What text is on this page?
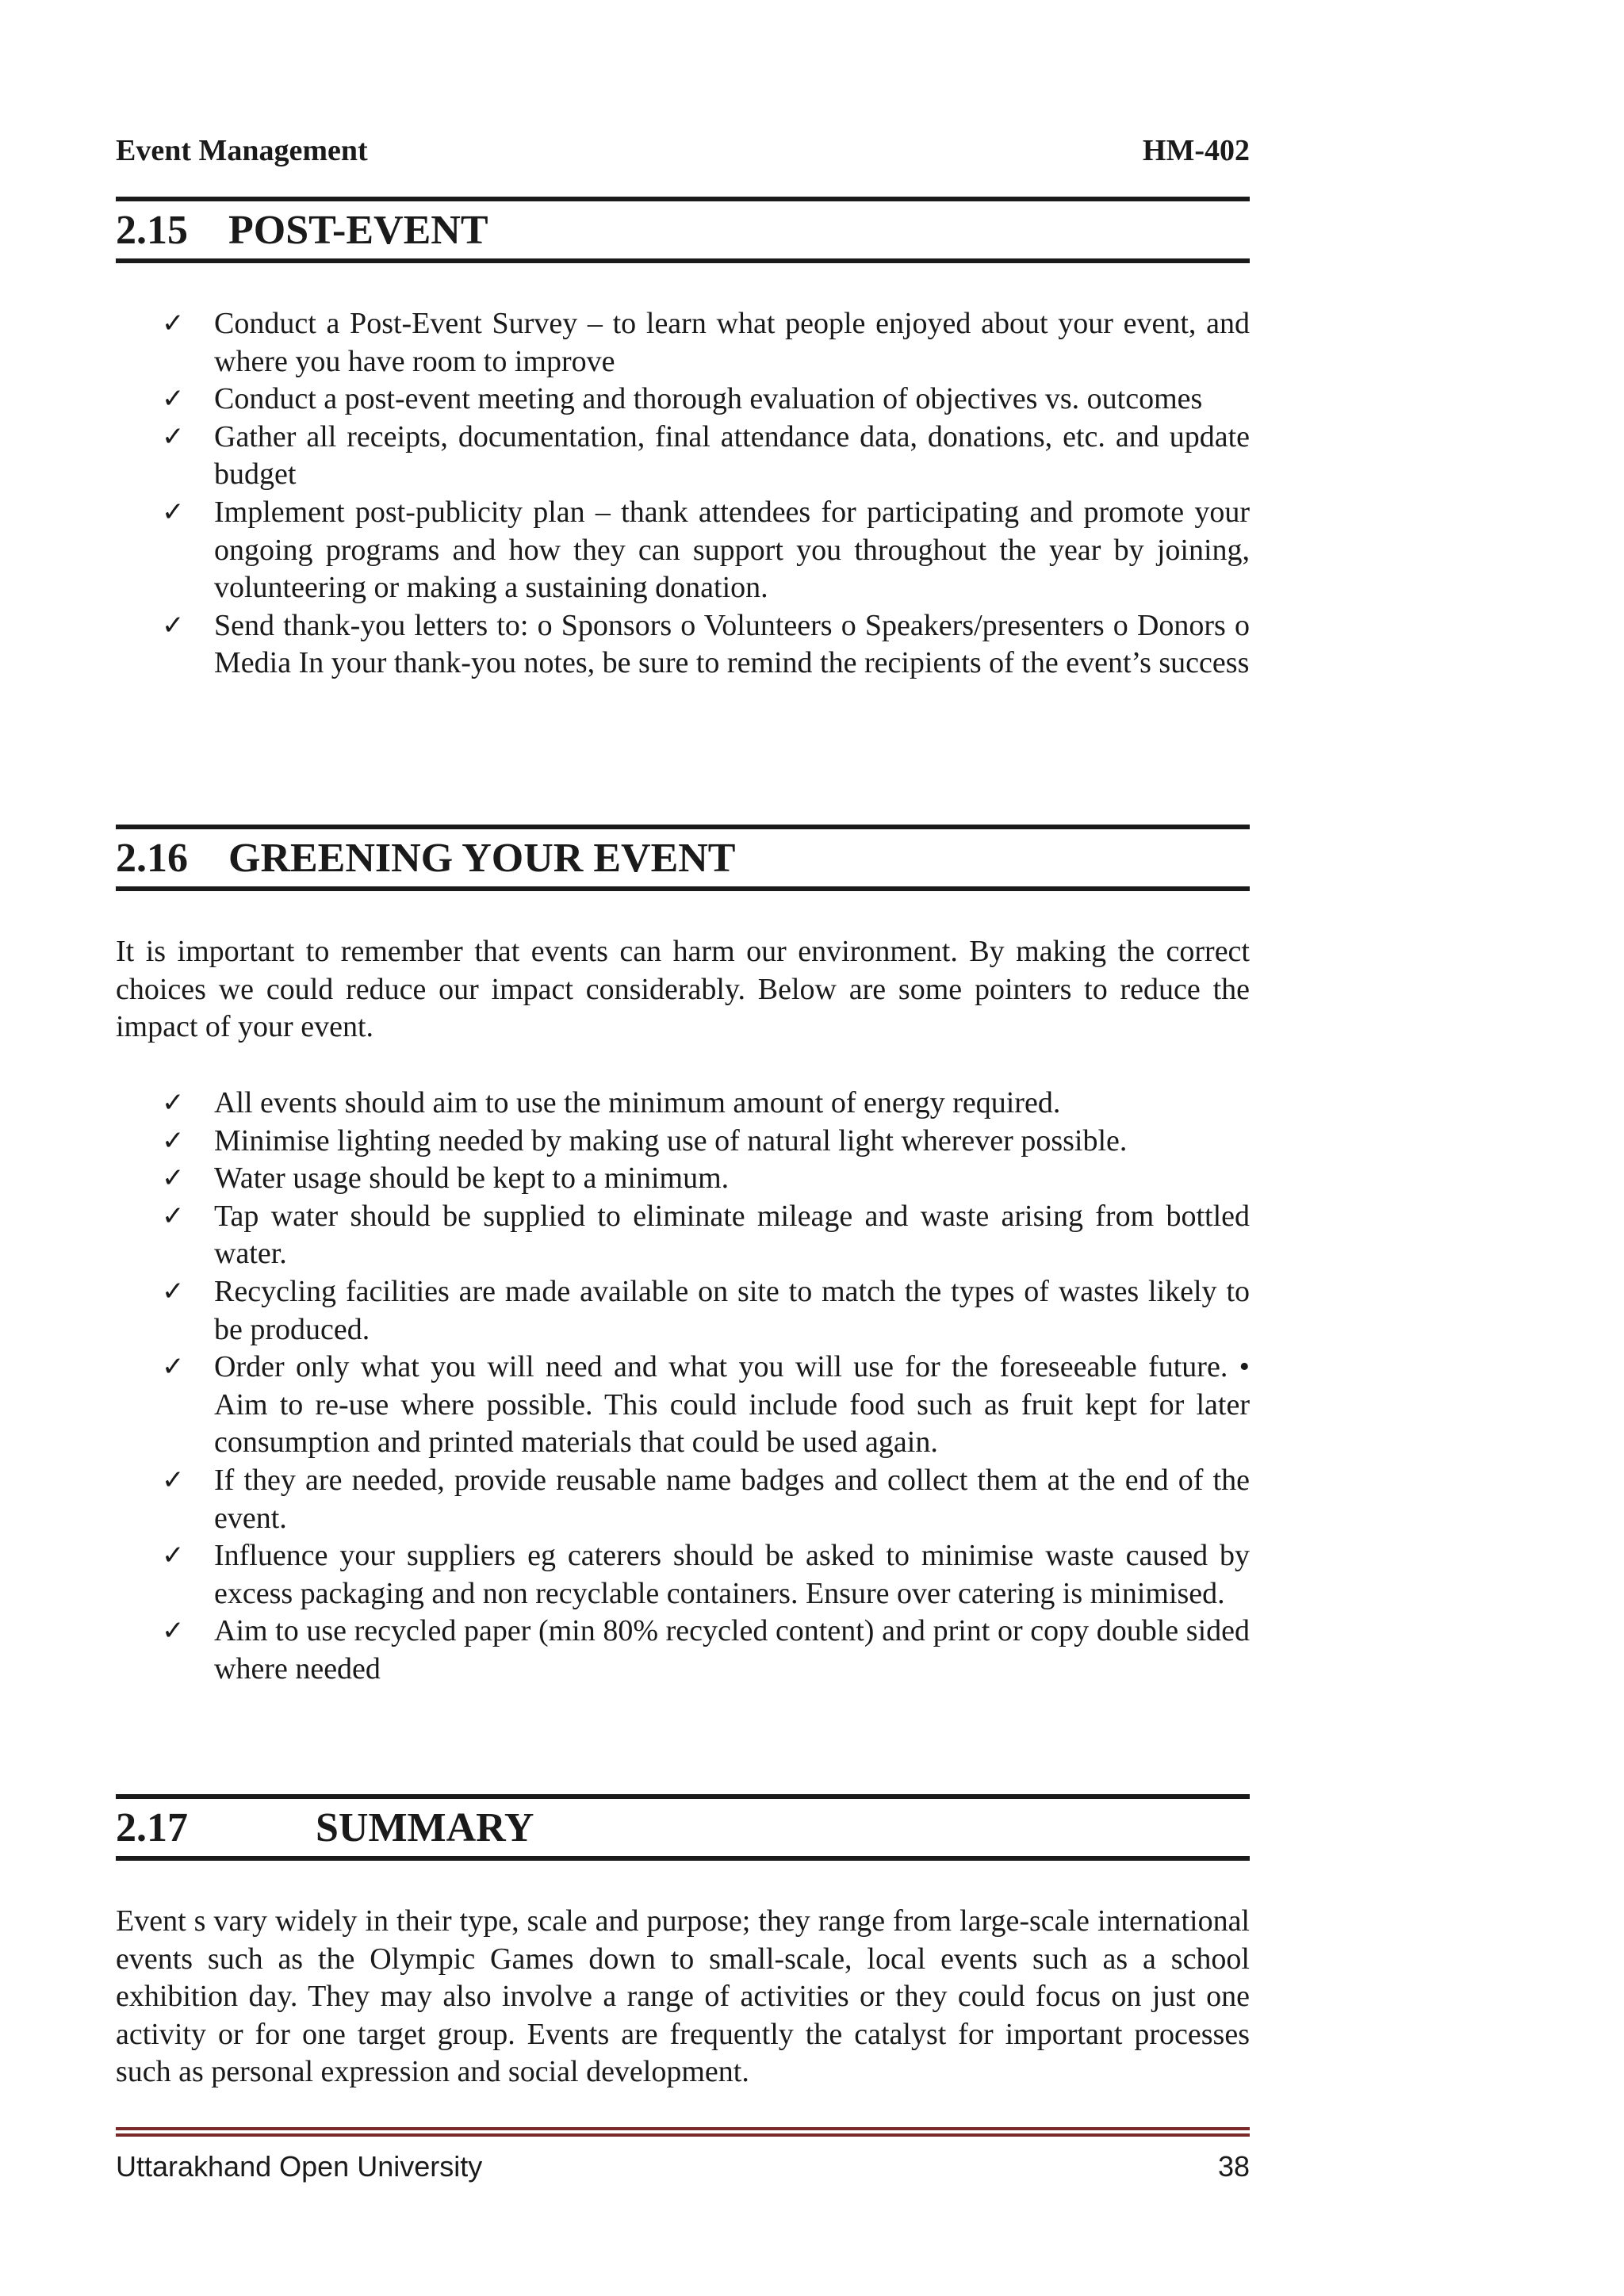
Event Management	HM-402
2.15 POST-EVENT
✓ Conduct a Post-Event Survey – to learn what people enjoyed about your event, and where you have room to improve
✓ Conduct a post-event meeting and thorough evaluation of objectives vs. outcomes
✓ Gather all receipts, documentation, final attendance data, donations, etc. and update budget
✓ Implement post-publicity plan – thank attendees for participating and promote your ongoing programs and how they can support you throughout the year by joining, volunteering or making a sustaining donation.
✓ Send thank-you letters to: o Sponsors o Volunteers o Speakers/presenters o Donors o Media In your thank-you notes, be sure to remind the recipients of the event’s success
2.16 GREENING YOUR EVENT

It is important to remember that events can harm our environment. By making the correct choices we could reduce our impact considerably. Below are some pointers to reduce the impact of your event.

✓ All events should aim to use the minimum amount of energy required.
✓ Minimise lighting needed by making use of natural light wherever possible.
✓ Water usage should be kept to a minimum.
✓ Tap water should be supplied to eliminate mileage and waste arising from bottled water.
✓ Recycling facilities are made available on site to match the types of wastes likely to be produced.
✓ Order only what you will need and what you will use for the foreseeable future. • Aim to re-use where possible. This could include food such as fruit kept for later consumption and printed materials that could be used again.
✓ If they are needed, provide reusable name badges and collect them at the end of the event.
✓ Influence your suppliers eg caterers should be asked to minimise waste caused by excess packaging and non recyclable containers. Ensure over catering is minimised.
✓ Aim to use recycled paper (min 80% recycled content) and print or copy double sided where needed
2.17	SUMMARY

Event s vary widely in their type, scale and purpose; they range from large-scale international events such as the Olympic Games down to small-scale, local events such as a school exhibition day. They may also involve a range of activities or they could focus on just one activity or for one target group. Events are frequently the catalyst for important processes such as personal expression and social development.

Uttarakhand Open University	38
